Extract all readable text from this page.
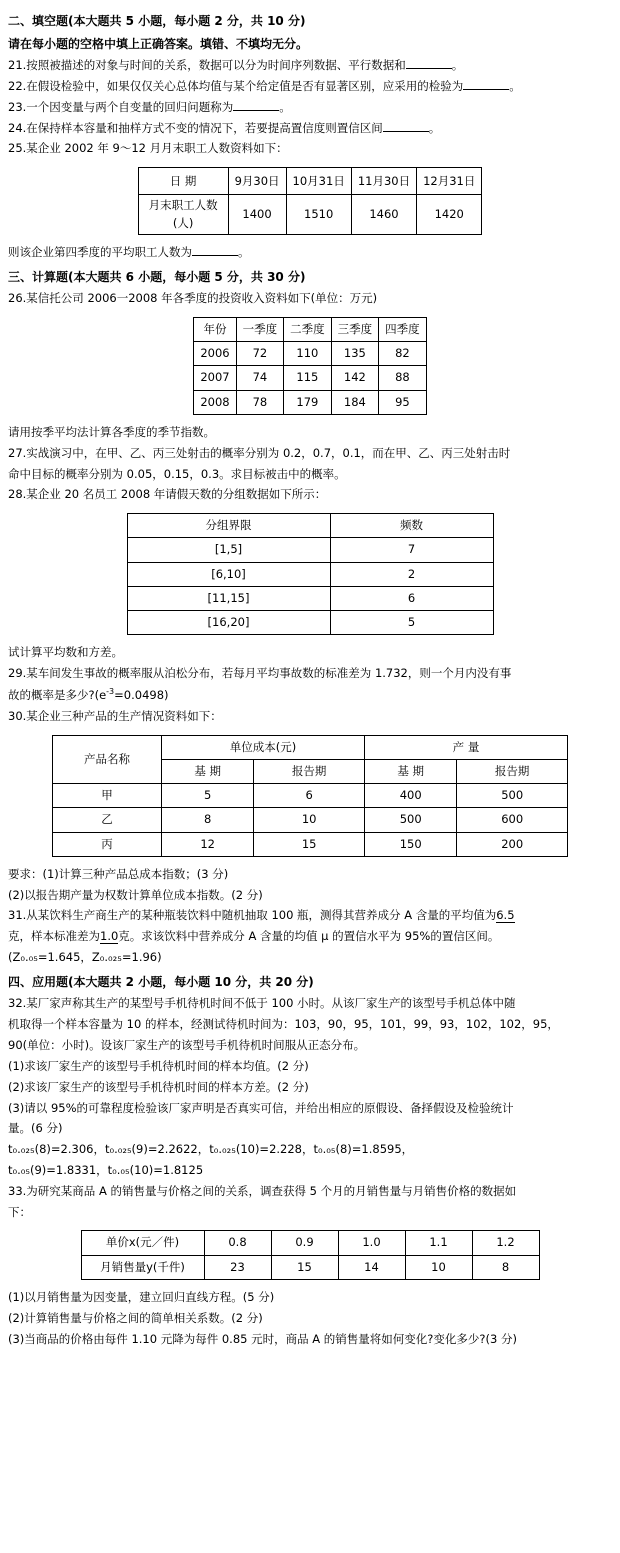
二、填空题(本大题共 5 小题，每小题 2 分，共 10 分)
请在每小题的空格中填上正确答案。填错、不填均无分。
21.按照被描述的对象与时间的关系，数据可以分为时间序列数据、平行数据和	。
22.在假设检验中，如果仅仅关心总体均值与某个给定值是否有显著区别，应采用的检验为	。
23.一个因变量与两个自变量的回归问题称为	。
24.在保持样本容量和抽样方式不变的情况下，若要提高置信度则置信区间	。
25.某企业 2002 年 9～12 月月末职工人数资料如下：
日 期	9月30日	10月31日	11月30日	12月31日

月末职工人数
(人)	1400	1510	1460	1420
则该企业第四季度的平均职工人数为	。
三、计算题(本大题共 6 小题，每小题 5 分，共 30 分)
26.某信托公司 2006一2008 年各季度的投资收入资料如下(单位：万元)
年份	一季度	二季度	三季度	四季度
2006	72	110	135	82
2007	74	115	142	88
2008	78	179	184	95
请用按季平均法计算各季度的季节指数。
27.实战演习中，在甲、乙、丙三处射击的概率分别为 0.2，0.7，0.1，而在甲、乙、丙三处射击时
命中目标的概率分别为 0.05，0.15，0.3。求目标被击中的概率。
28.某企业 20 名员工 2008 年请假天数的分组数据如下所示：
分组界限	频数
[1,5]	7
[6,10]	2
[11,15]	6
[16,20]	5
试计算平均数和方差。
29.某车间发生事故的概率服从泊松分布，若每月平均事故数的标准差为 1.732，则一个月内没有事
故的概率是多少$?(e^{-3}=0.0498)$
30.某企业三种产品的生产情况资料如下：
产品名称	单位成本(元)		产 量	
	基 期	报告期	基 期	报告期
甲	5	6	400	500
乙	8	10	500	600
丙	12	15	150	200
要求：(1)计算三种产品总成本指数；(3 分)
(2)以报告期产量为权数计算单位成本指数。(2 分)
31.从某饮料生产商生产的某种瓶装饮料中随机抽取 100 瓶，测得其营养成分 A 含量的平均值为6.5
克，样本标准差为1.0克。求该饮料中营养成分 A 含量的均值 μ 的置信水平为 95%的置信区间。
(Z₀.₀₅=1.645，Z₀.₀₂₅=1.96)
四、应用题(本大题共 2 小题，每小题 10 分，共 20 分)
32.某厂家声称其生产的某型号手机待机时间不低于 100 小时。从该厂家生产的该型号手机总体中随
机取得一个样本容量为 10 的样本，经测试待机时间为：103，90，95，101，99，93，102，102，95，
90(单位：小时)。设该厂家生产的该型号手机待机时间服从正态分布。
(1)求该厂家生产的该型号手机待机时间的样本均值。(2 分)
(2)求该厂家生产的该型号手机待机时间的样本方差。(2 分)
(3)请以 95%的可靠程度检验该厂家声明是否真实可信，并给出相应的原假设、备择假设及检验统计
量。(6 分)
t₀.₀₂₅(8)=2.306，t₀.₀₂₅(9)=2.2622，t₀.₀₂₅(10)=2.228，t₀.₀₅(8)=1.8595，
t₀.₀₅(9)=1.8331，t₀.₀₅(10)=1.8125
33.为研究某商品 A 的销售量与价格之间的关系，调查获得 5 个月的月销售量与月销售价格的数据如
下：
单价x(元／件)	0.8	0.9	1.0	1.1	1.2
月销售量y(千件)	23	15	14	10	8
(1)以月销售量为因变量，建立回归直线方程。(5 分)
(2)计算销售量与价格之间的简单相关系数。(2 分)
(3)当商品的价格由每件 1.10 元降为每件 0.85 元时，商品 A 的销售量将如何变化?变化多少?(3 分)
